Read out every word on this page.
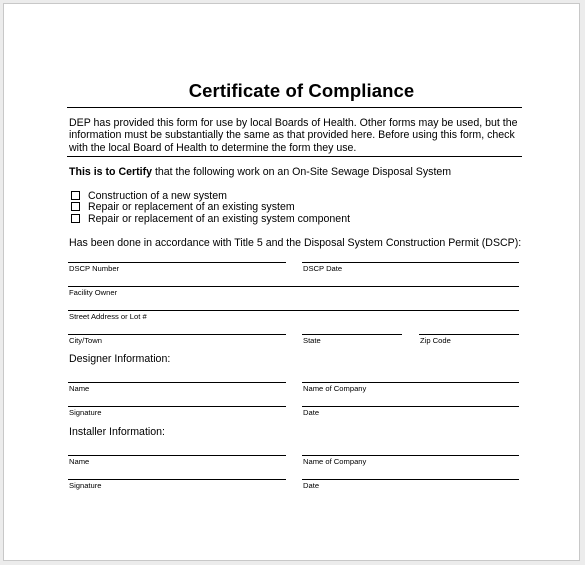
Certificate of Compliance
DEP has provided this form for use by local Boards of Health. Other forms may be used, but the information must be substantially the same as that provided here. Before using this form, check with the local Board of Health to determine the form they use.
This is to Certify that the following work on an On-Site Sewage Disposal System
Construction of a new system
Repair or replacement of an existing system
Repair or replacement of an existing system component
Has been done in accordance with Title 5 and the Disposal System Construction Permit (DSCP):
DSCP Number	DSCP Date
Facility Owner
Street Address or Lot #
City/Town	State	Zip Code
Designer Information:
Name	Name of Company
Signature	Date
Installer Information:
Name	Name of Company
Signature	Date
